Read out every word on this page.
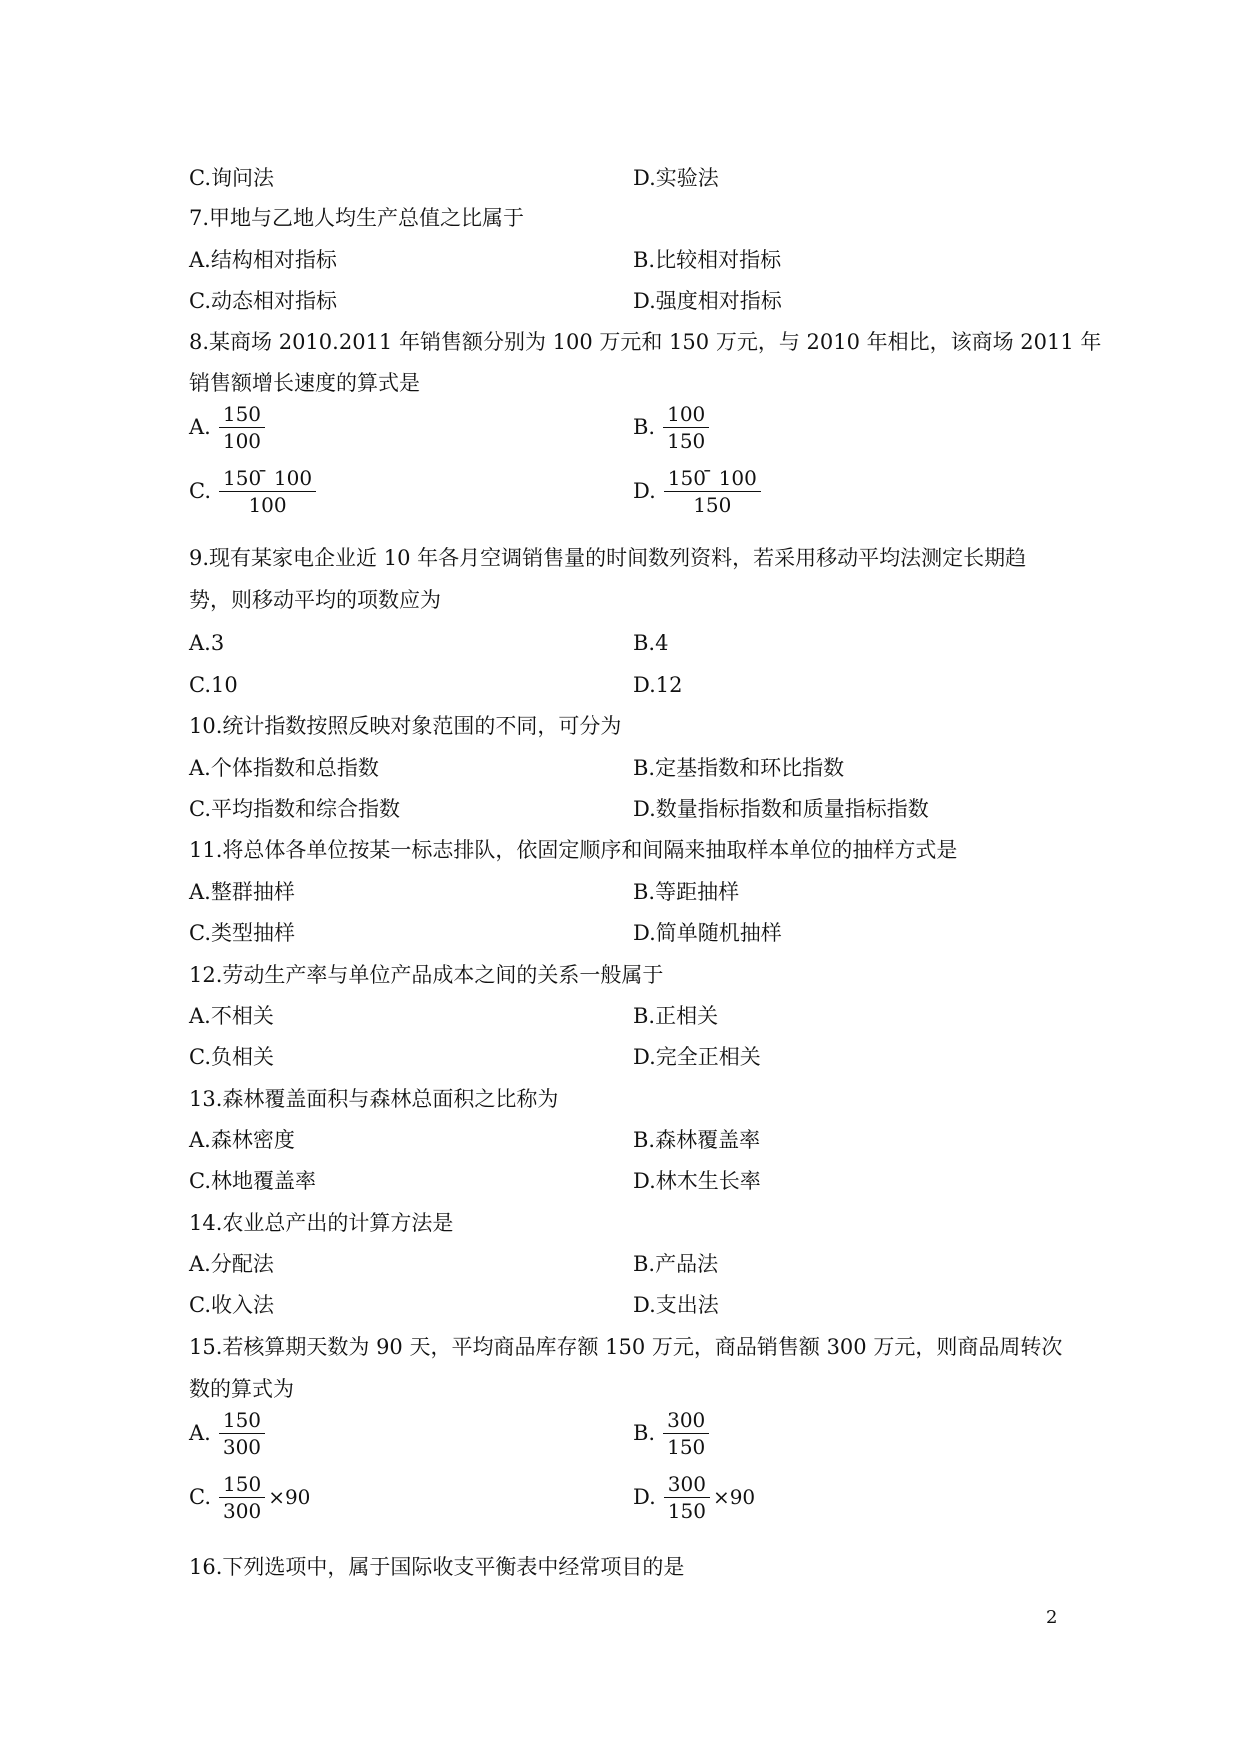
C.询问法	D.实验法
7.甲地与乙地人均生产总值之比属于
A.结构相对指标	B.比较相对指标
C.动态相对指标	D.强度相对指标
8.某商场 2010.2011 年销售额分别为 100 万元和 150 万元，与 2010 年相比，该商场 2011 年
销售额增长速度的算式是
A. $\frac{150}{100}$	B. $\frac{100}{150}$
C. $\frac{150 ̄ 100}{100}$	D. $\frac{150 ̄ 100}{150}$
9.现有某家电企业近 10 年各月空调销售量的时间数列资料，若采用移动平均法测定长期趋
势，则移动平均的项数应为
A.3	B.4
C.10	D.12
10.统计指数按照反映对象范围的不同，可分为
A.个体指数和总指数	B.定基指数和环比指数
C.平均指数和综合指数	D.数量指标指数和质量指标指数
11.将总体各单位按某一标志排队，依固定顺序和间隔来抽取样本单位的抽样方式是
A.整群抽样	B.等距抽样
C.类型抽样	D.简单随机抽样
12.劳动生产率与单位产品成本之间的关系一般属于
A.不相关	B.正相关
C.负相关	D.完全正相关
13.森林覆盖面积与森林总面积之比称为
A.森林密度	B.森林覆盖率
C.林地覆盖率	D.林木生长率
14.农业总产出的计算方法是
A.分配法	B.产品法
C.收入法	D.支出法
15.若核算期天数为 90 天，平均商品库存额 150 万元，商品销售额 300 万元，则商品周转次
数的算式为
A. $\frac{150}{300}$	B. $\frac{300}{150}$
C. $\frac{150}{300} \times 90$	D. $\frac{300}{150} \times 90$
16.下列选项中，属于国际收支平衡表中经常项目的是
2
